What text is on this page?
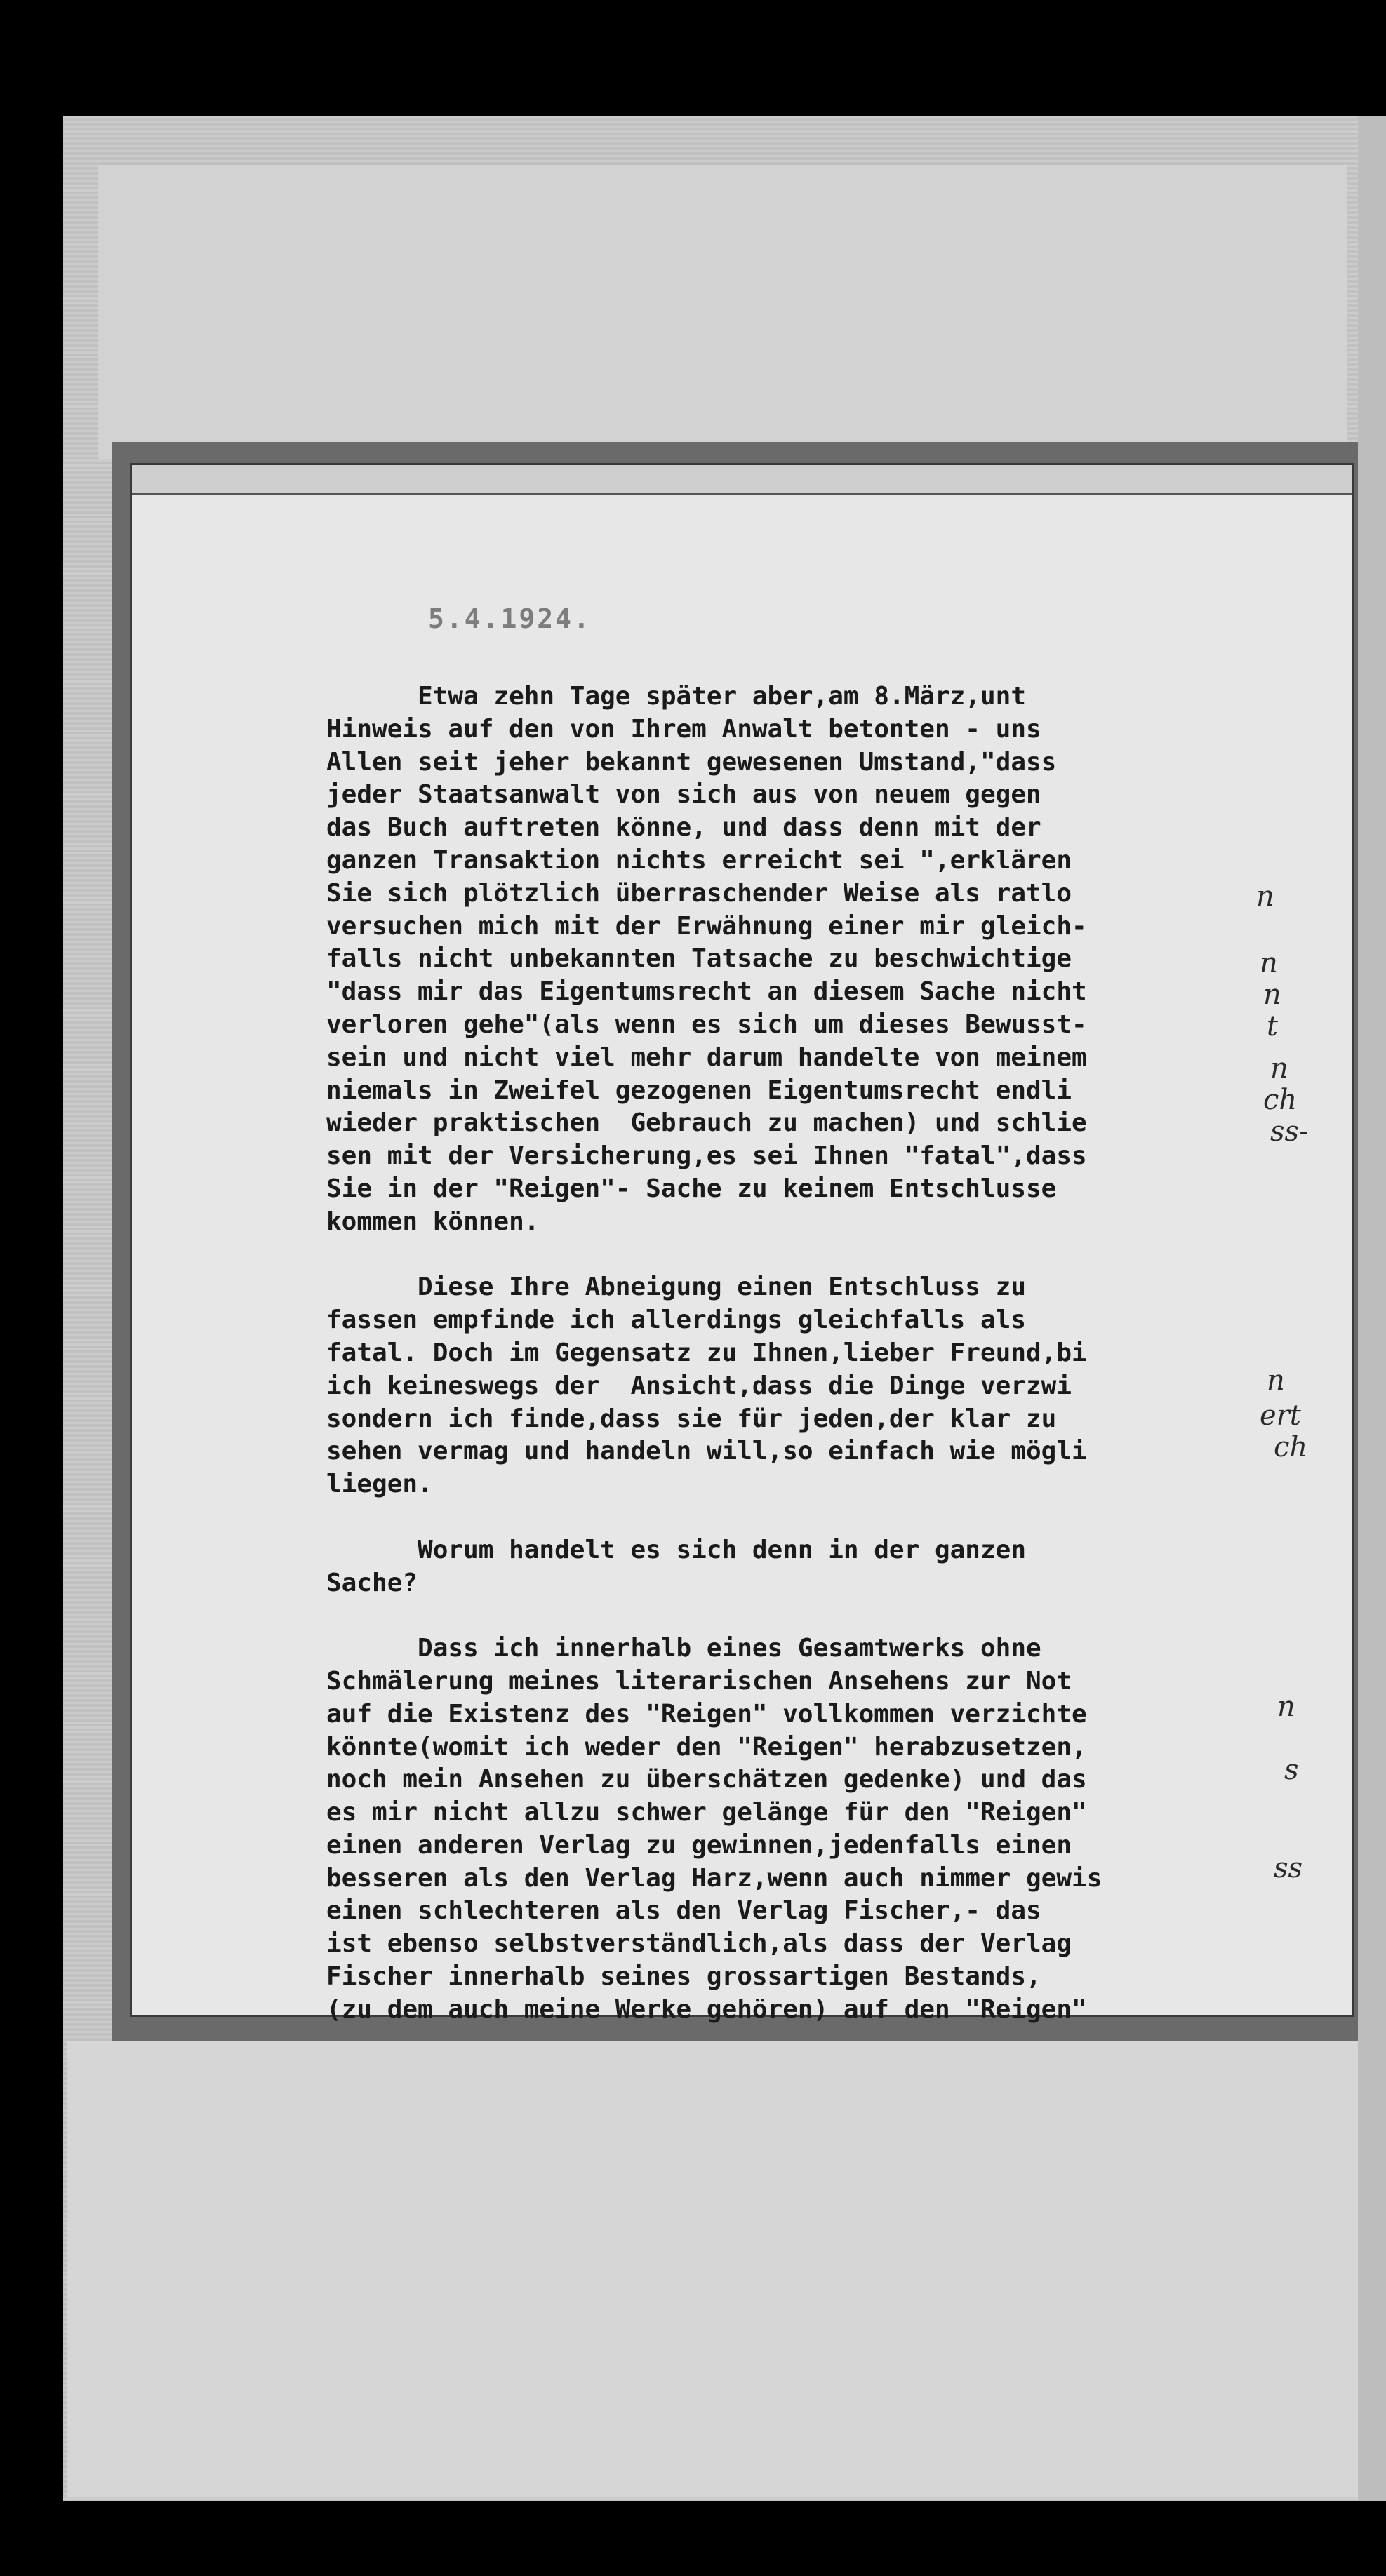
5.4.1924.
Etwa zehn Tage später aber,am 8.März,unt
Hinweis auf den von Ihrem Anwalt betonten - uns
Allen seit jeher bekannt gewesenen Umstand,"dass
jeder Staatsanwalt von sich aus von neuem gegen
das Buch auftreten könne, und dass denn mit der
ganzen Transaktion nichts erreicht sei ",erklären
Sie sich plötzlich überraschender Weise als ratlo
versuchen mich mit der Erwähnung einer mir gleich-
falls nicht unbekannten Tatsache zu beschwichtige
"dass mir das Eigentumsrecht an diesem Sache nicht
verloren gehe"(als wenn es sich um dieses Bewusst-
sein und nicht viel mehr darum handelte von meinem
niemals in Zweifel gezogenen Eigentumsrecht endli
wieder praktischen  Gebrauch zu machen) und schlie
sen mit der Versicherung,es sei Ihnen "fatal",dass
Sie in der "Reigen"- Sache zu keinem Entschlusse
kommen können.
Diese Ihre Abneigung einen Entschluss zu
fassen empfinde ich allerdings gleichfalls als
fatal. Doch im Gegensatz zu Ihnen,lieber Freund,bi
ich keineswegs der  Ansicht,dass die Dinge verzwi
sondern ich finde,dass sie für jeden,der klar zu
sehen vermag und handeln will,so einfach wie mögli
liegen.
Worum handelt es sich denn in der ganzen
Sache?
Dass ich innerhalb eines Gesamtwerks ohne
Schmälerung meines literarischen Ansehens zur Not
auf die Existenz des "Reigen" vollkommen verzichte
könnte(womit ich weder den "Reigen" herabzusetzen,
noch mein Ansehen zu überschätzen gedenke) und das
es mir nicht allzu schwer gelänge für den "Reigen"
einen anderen Verlag zu gewinnen,jedenfalls einen
besseren als den Verlag Harz,wenn auch nimmer gewis
einen schlechteren als den Verlag Fischer,- das
ist ebenso selbstverständlich,als dass der Verlag
Fischer innerhalb seines grossartigen Bestands,
(zu dem auch meine Werke gehören) auf den "Reigen"
n
n
n
t
n
ch
ss-
n
ert
ch
n
s
ss
